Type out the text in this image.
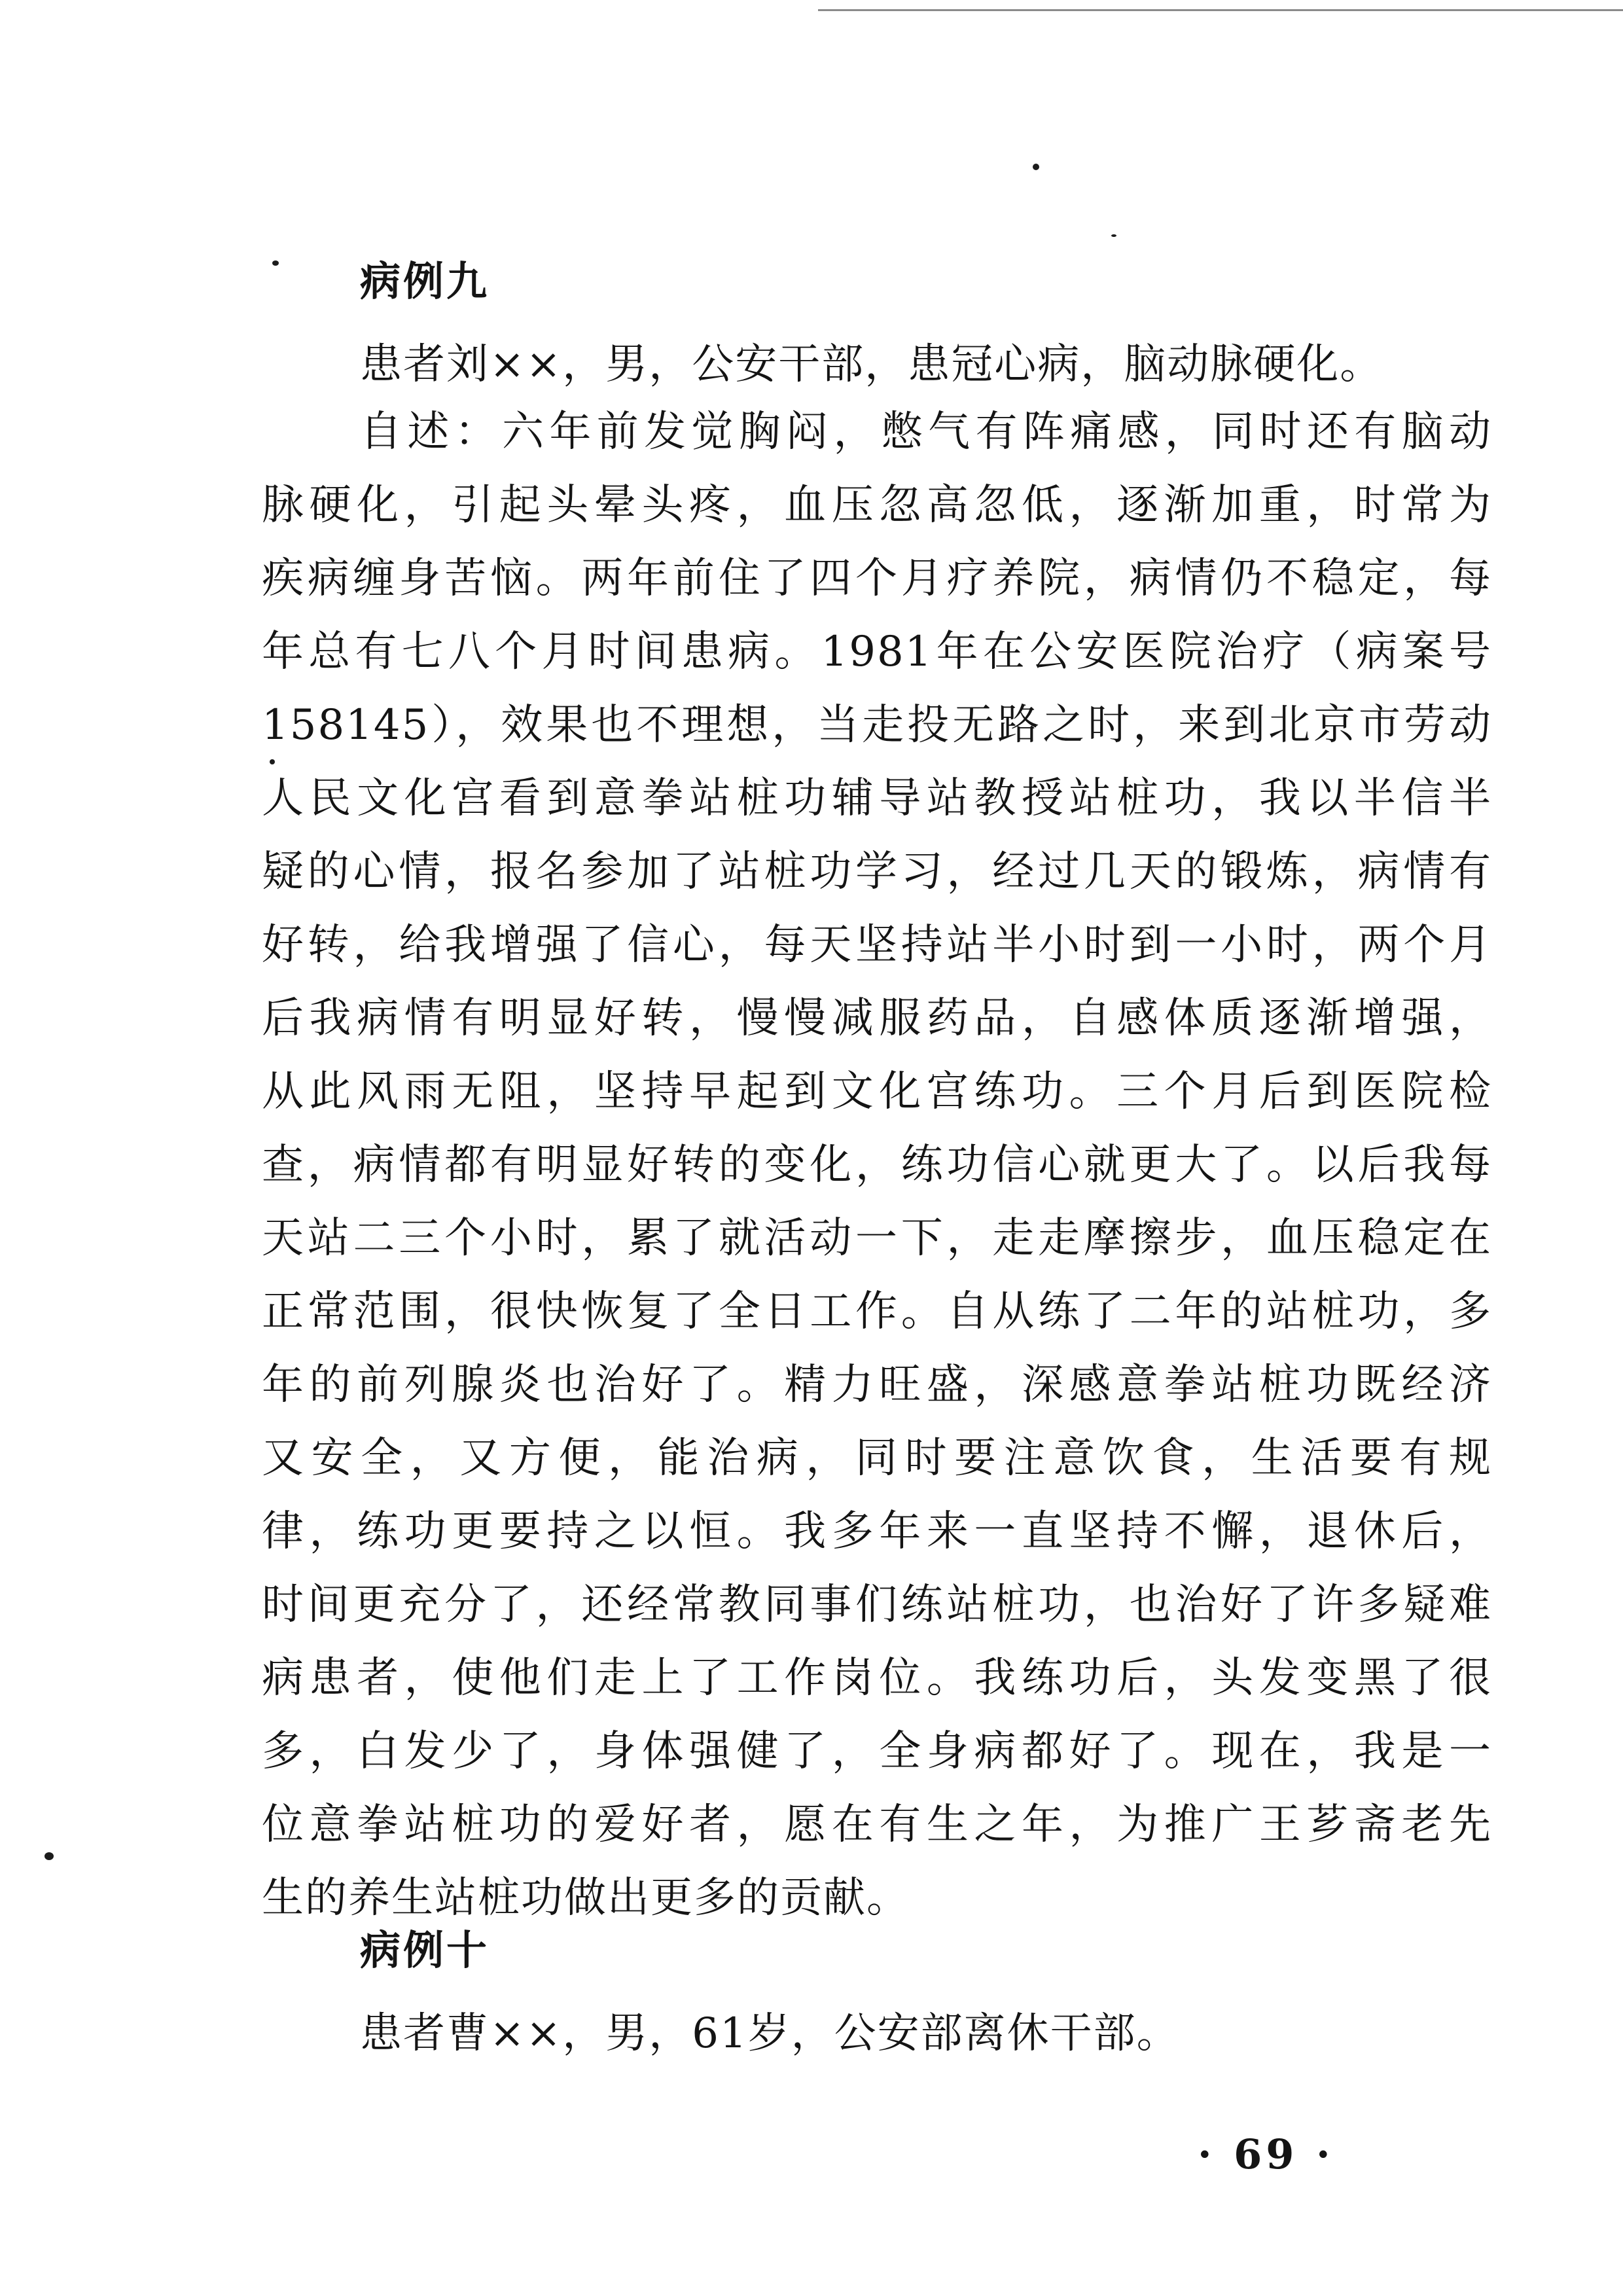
病例九
患者刘××，男，公安干部，患冠心病，脑动脉硬化。
自述：六年前发觉胸闷，憋气有阵痛感，同时还有脑动
脉硬化，引起头晕头疼，血压忽高忽低，逐渐加重，时常为
疾病缠身苦恼。两年前住了四个月疗养院，病情仍不稳定，每
年总有七八个月时间患病。1981年在公安医院治疗（病案号
158145），效果也不理想，当走投无路之时，来到北京市劳动
人民文化宫看到意拳站桩功辅导站教授站桩功，我以半信半
疑的心情，报名参加了站桩功学习，经过几天的锻炼，病情有
好转，给我增强了信心，每天坚持站半小时到一小时，两个月
后我病情有明显好转，慢慢减服药品，自感体质逐渐增强，
从此风雨无阻，坚持早起到文化宫练功。三个月后到医院检
查，病情都有明显好转的变化，练功信心就更大了。以后我每
天站二三个小时，累了就活动一下，走走摩擦步，血压稳定在
正常范围，很快恢复了全日工作。自从练了二年的站桩功，多
年的前列腺炎也治好了。精力旺盛，深感意拳站桩功既经济
又安全，又方便，能治病，同时要注意饮食，生活要有规
律，练功更要持之以恒。我多年来一直坚持不懈，退休后，
时间更充分了，还经常教同事们练站桩功，也治好了许多疑难
病患者，使他们走上了工作岗位。我练功后，头发变黑了很
多，白发少了，身体强健了，全身病都好了。现在，我是一
位意拳站桩功的爱好者，愿在有生之年，为推广王芗斋老先
生的养生站桩功做出更多的贡献。
病例十
患者曹××，男，61岁，公安部离休干部。
· 69 ·
